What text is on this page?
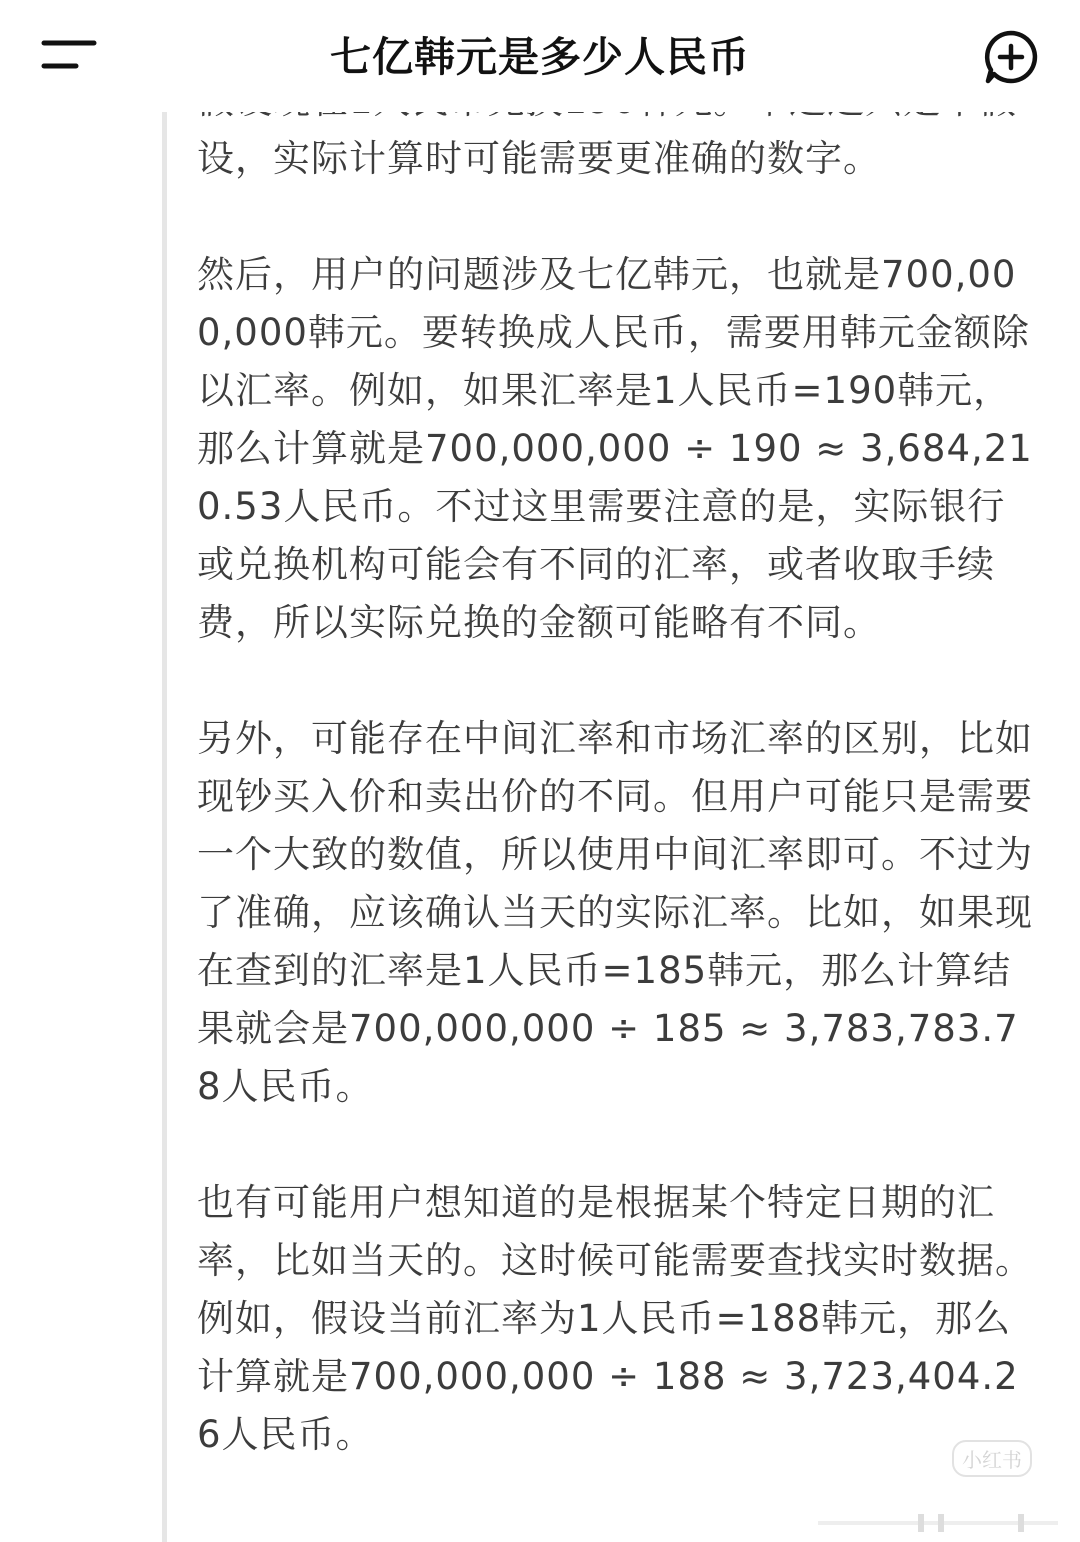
七亿韩元是多少人民币

设，实际计算时可能需要更准确的数字。

然后，用户的问题涉及七亿韩元，也就是700,000,000韩元。要转换成人民币，需要用韩元金额除以汇率。例如，如果汇率是1人民币=190韩元，那么计算就是700,000,000 ÷ 190 ≈ 3,684,210.53人民币。不过这里需要注意的是，实际银行或兑换机构可能会有不同的汇率，或者收取手续费，所以实际兑换的金额可能略有不同。

另外，可能存在中间汇率和市场汇率的区别，比如现钞买入价和卖出价的不同。但用户可能只是需要一个大致的数值，所以使用中间汇率即可。不过为了准确，应该确认当天的实际汇率。比如，如果现在查到的汇率是1人民币=185韩元，那么计算结果就会是700,000,000 ÷ 185 ≈ 3,783,783.78人民币。

也有可能用户想知道的是根据某个特定日期的汇率，比如当天的。这时候可能需要查找实时数据。例如，假设当前汇率为1人民币=188韩元，那么计算就是700,000,000 ÷ 188 ≈ 3,723,404.26人民币。

小红书
